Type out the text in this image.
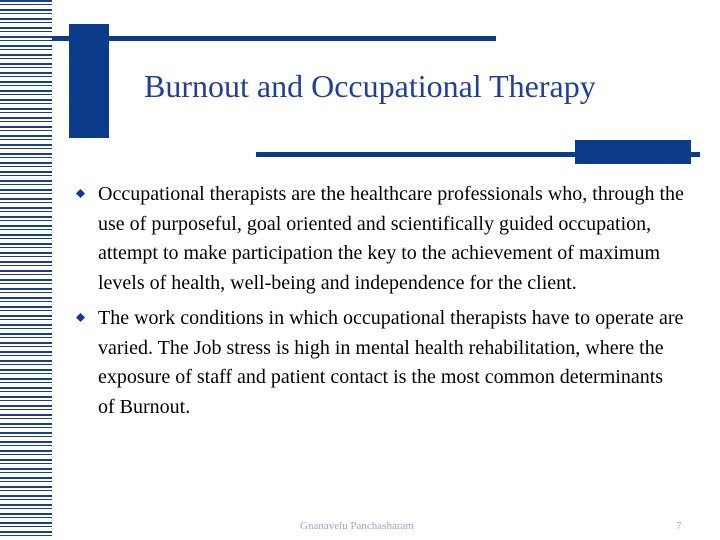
Burnout and Occupational Therapy
Occupational therapists are the healthcare professionals who, through the use of purposeful, goal oriented and scientifically guided occupation, attempt to make participation the key to the achievement of maximum levels of health, well-being and independence for the client.
The work conditions in which occupational therapists have to operate are varied. The Job stress is high in mental health rehabilitation, where the exposure of staff and patient contact is the most common determinants of Burnout.
Gnanavelu Panchasharam	7
